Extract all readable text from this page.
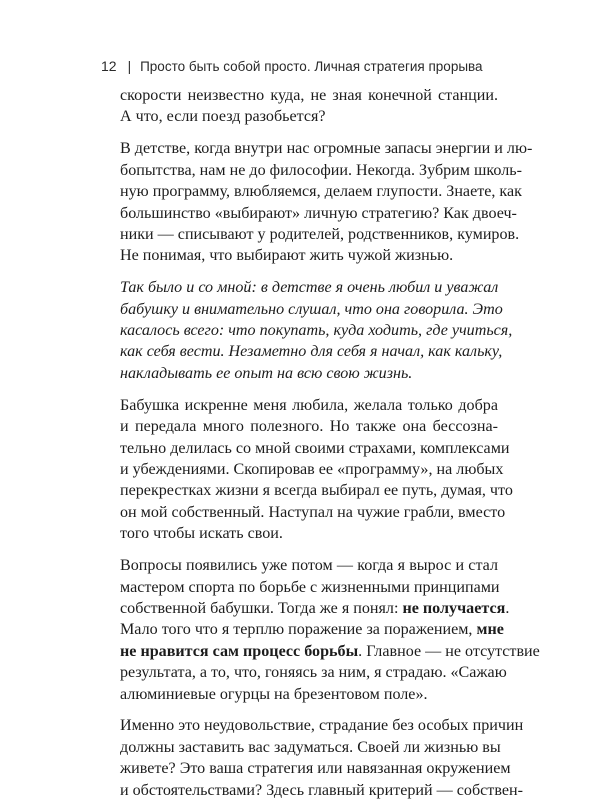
12 | Просто быть собой просто. Личная стратегия прорыва
скорости неизвестно куда, не зная конечной станции.
А что, если поезд разобьется?
В детстве, когда внутри нас огромные запасы энергии и лю-
бопытства, нам не до философии. Некогда. Зубрим школь-
ную программу, влюбляемся, делаем глупости. Знаете, как
большинство «выбирают» личную стратегию? Как двоеч-
ники — списывают у родителей, родственников, кумиров.
Не понимая, что выбирают жить чужой жизнью.
Так было и со мной: в детстве я очень любил и уважал
бабушку и внимательно слушал, что она говорила. Это
касалось всего: что покупать, куда ходить, где учиться,
как себя вести. Незаметно для себя я начал, как кальку,
накладывать ее опыт на всю свою жизнь.
Бабушка искренне меня любила, желала только добра
и передала много полезного. Но также она бессозна-
тельно делилась со мной своими страхами, комплексами
и убеждениями. Скопировав ее «программу», на любых
перекрестках жизни я всегда выбирал ее путь, думая, что
он мой собственный. Наступал на чужие грабли, вместо
того чтобы искать свои.
Вопросы появились уже потом — когда я вырос и стал
мастером спорта по борьбе с жизненными принципами
собственной бабушки. Тогда же я понял: не получается.
Мало того что я терплю поражение за поражением, мне
не нравится сам процесс борьбы. Главное — не отсутствие
результата, а то, что, гоняясь за ним, я страдаю. «Сажаю
алюминиевые огурцы на брезентовом поле».
Именно это неудовольствие, страдание без особых причин
должны заставить вас задуматься. Своей ли жизнью вы
живете? Это ваша стратегия или навязанная окружением
и обстоятельствами? Здесь главный критерий — собствен-
